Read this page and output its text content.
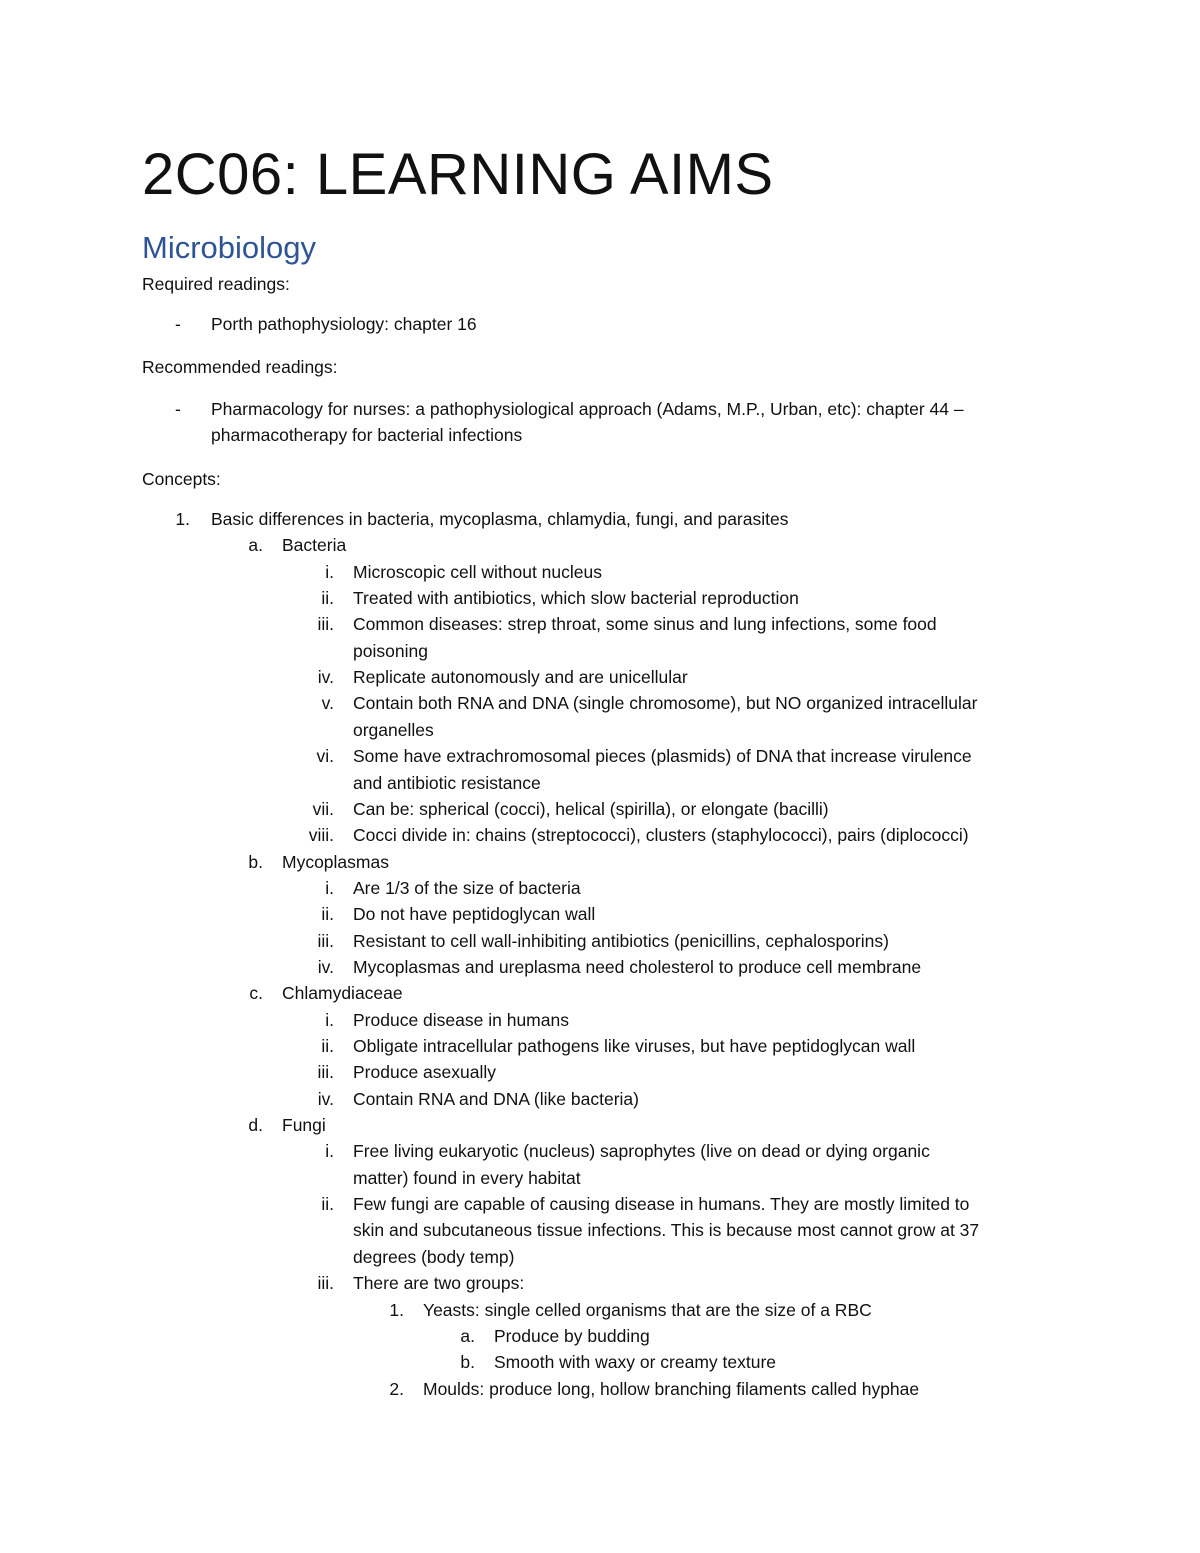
2C06: LEARNING AIMS
Microbiology
Required readings:
- Porth pathophysiology: chapter 16
Recommended readings:
- Pharmacology for nurses: a pathophysiological approach (Adams, M.P., Urban, etc): chapter 44 –
pharmacotherapy for bacterial infections
Concepts:
1. Basic differences in bacteria, mycoplasma, chlamydia, fungi, and parasites
a. Bacteria
i. Microscopic cell without nucleus
ii. Treated with antibiotics, which slow bacterial reproduction
iii. Common diseases: strep throat, some sinus and lung infections, some food
poisoning
iv. Replicate autonomously and are unicellular
v. Contain both RNA and DNA (single chromosome), but NO organized intracellular
organelles
vi. Some have extrachromosomal pieces (plasmids) of DNA that increase virulence
and antibiotic resistance
vii. Can be: spherical (cocci), helical (spirilla), or elongate (bacilli)
viii. Cocci divide in: chains (streptococci), clusters (staphylococci), pairs (diplococci)
b. Mycoplasmas
i. Are 1/3 of the size of bacteria
ii. Do not have peptidoglycan wall
iii. Resistant to cell wall-inhibiting antibiotics (penicillins, cephalosporins)
iv. Mycoplasmas and ureplasma need cholesterol to produce cell membrane
c. Chlamydiaceae
i. Produce disease in humans
ii. Obligate intracellular pathogens like viruses, but have peptidoglycan wall
iii. Produce asexually
iv. Contain RNA and DNA (like bacteria)
d. Fungi
i. Free living eukaryotic (nucleus) saprophytes (live on dead or dying organic
matter) found in every habitat
ii. Few fungi are capable of causing disease in humans. They are mostly limited to
skin and subcutaneous tissue infections. This is because most cannot grow at 37
degrees (body temp)
iii. There are two groups:
1. Yeasts: single celled organisms that are the size of a RBC
a. Produce by budding
b. Smooth with waxy or creamy texture
2. Moulds: produce long, hollow branching filaments called hyphae
